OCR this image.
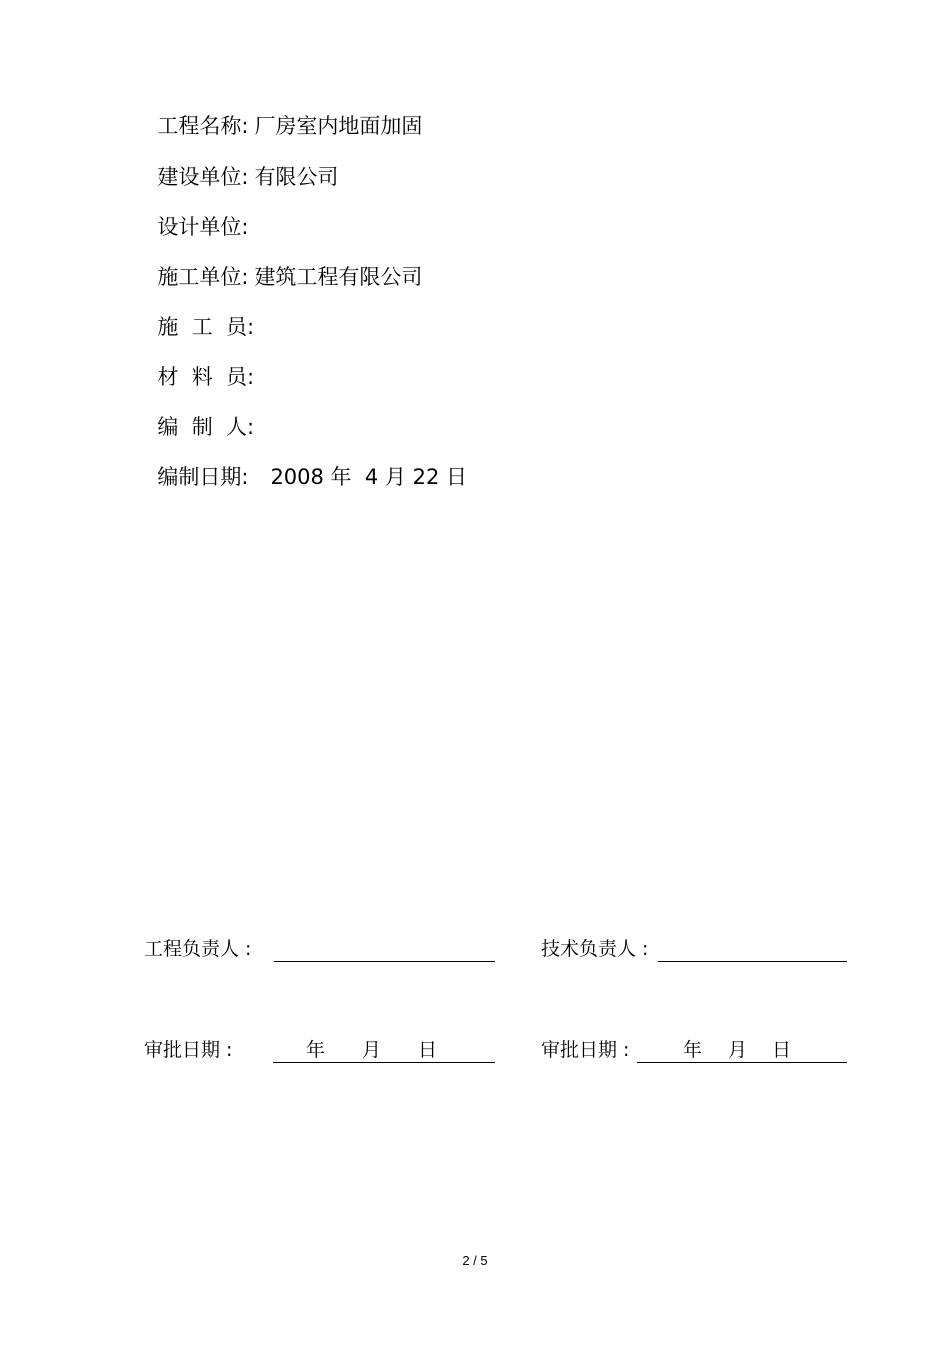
工程名称: 厂房室内地面加固

建设单位: 有限公司

设计单位:

施工单位: 建筑工程有限公司

施  工  员:

材  料  员:

编  制  人:

编制日期: 2008 年  4 月 22 日

工程负责人 :	技术负责人 :
审批日期 :	年 月 日	审批日期 :	年 月 日
2 / 5
